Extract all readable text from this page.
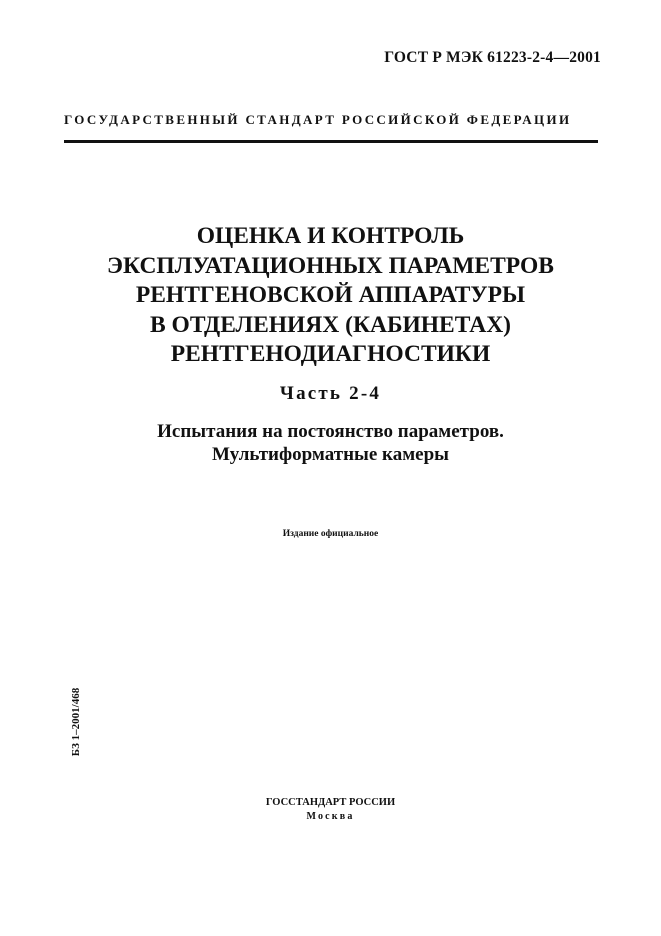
ГОСТ Р МЭК 61223-2-4—2001
ГОСУДАРСТВЕННЫЙ СТАНДАРТ РОССИЙСКОЙ ФЕДЕРАЦИИ
ОЦЕНКА И КОНТРОЛЬ
ЭКСПЛУАТАЦИОННЫХ ПАРАМЕТРОВ
РЕНТГЕНОВСКОЙ АППАРАТУРЫ
В ОТДЕЛЕНИЯХ (КАБИНЕТАХ)
РЕНТГЕНОДИАГНОСТИКИ
Часть 2-4
Испытания на постоянство параметров.
Мультиформатные камеры
Издание официальное
БЗ 1–2001/468
ГОССТАНДАРТ РОССИИ
Москва
